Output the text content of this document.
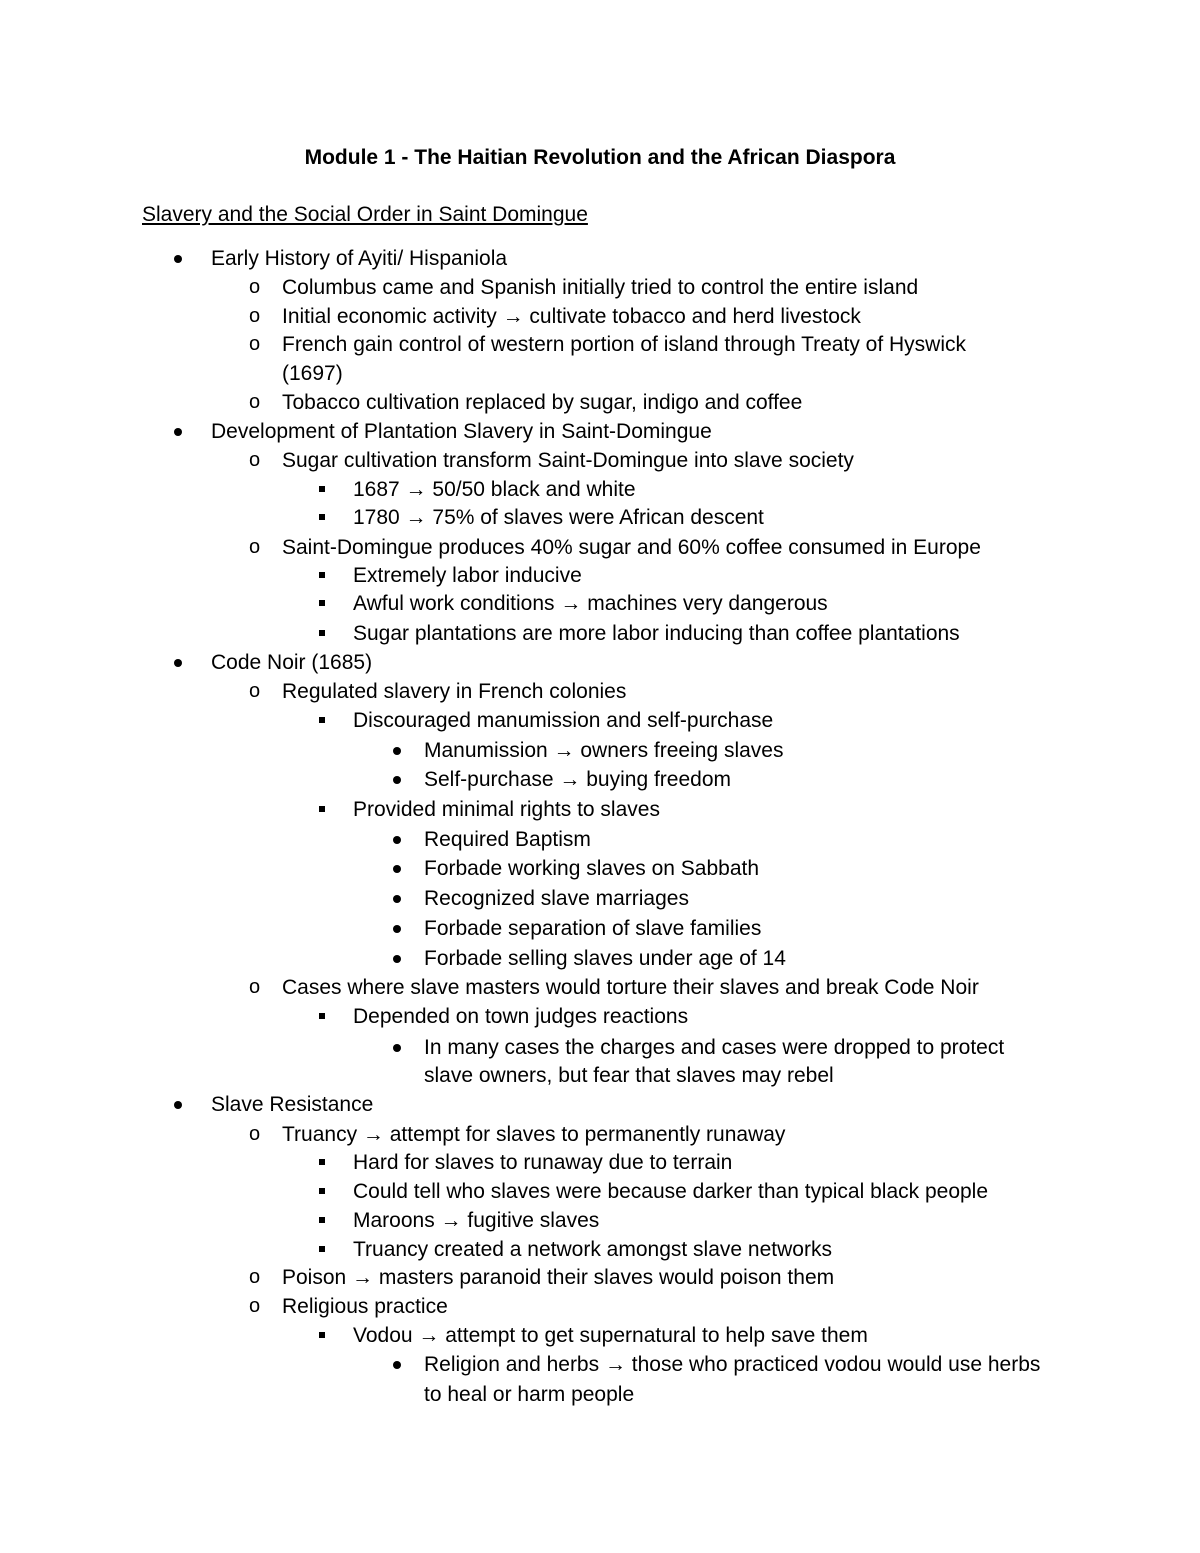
Module 1 - The Haitian Revolution and the African Diaspora
Slavery and the Social Order in Saint Domingue
Early History of Ayiti/ Hispaniola
o	Columbus came and Spanish initially tried to control the entire island
o	Initial economic activity → cultivate tobacco and herd livestock
o	French gain control of western portion of island through Treaty of Hyswick
(1697)
o	Tobacco cultivation replaced by sugar, indigo and coffee
Development of Plantation Slavery in Saint-Domingue
o	Sugar cultivation transform Saint-Domingue into slave society
1687 → 50/50 black and white
1780 → 75% of slaves were African descent
o	Saint-Domingue produces 40% sugar and 60% coffee consumed in Europe
Extremely labor inducive
Awful work conditions → machines very dangerous
Sugar plantations are more labor inducing than coffee plantations
Code Noir (1685)
o	Regulated slavery in French colonies
Discouraged manumission and self-purchase
Manumission → owners freeing slaves
Self-purchase → buying freedom
Provided minimal rights to slaves
Required Baptism
Forbade working slaves on Sabbath
Recognized slave marriages
Forbade separation of slave families
Forbade selling slaves under age of 14
o	Cases where slave masters would torture their slaves and break Code Noir
Depended on town judges reactions
In many cases the charges and cases were dropped to protect
slave owners, but fear that slaves may rebel
Slave Resistance
o	Truancy → attempt for slaves to permanently runaway
Hard for slaves to runaway due to terrain
Could tell who slaves were because darker than typical black people
Maroons → fugitive slaves
Truancy created a network amongst slave networks
o	Poison → masters paranoid their slaves would poison them
o	Religious practice
Vodou → attempt to get supernatural to help save them
Religion and herbs → those who practiced vodou would use herbs
to heal or harm people
